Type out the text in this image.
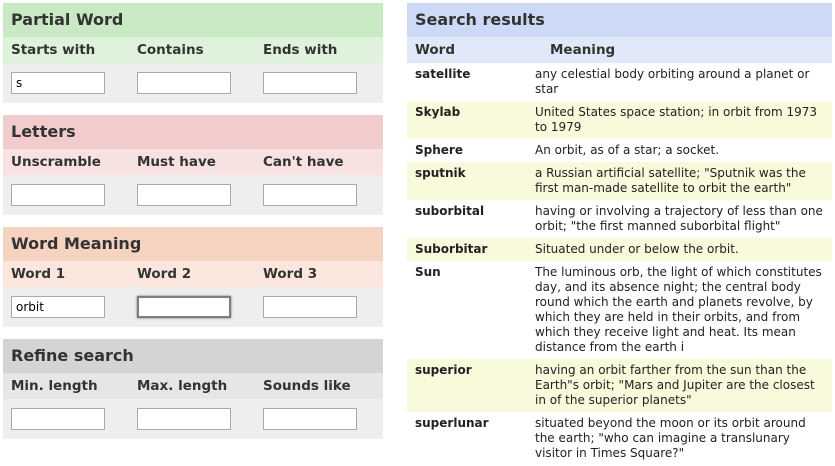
Partial Word
Starts with	Contains	Ends with
s
Letters
Unscramble	Must have	Can't have
Word Meaning
Word 1	Word 2	Word 3
orbit
Refine search
Min. length	Max. length	Sounds like
Search results
Word	Meaning
satellite	any celestial body orbiting around a planet or star
Skylab	United States space station; in orbit from 1973 to 1979
Sphere	An orbit, as of a star; a socket.
sputnik	a Russian artificial satellite; "Sputnik was the first man-made satellite to orbit the earth"
suborbital	having or involving a trajectory of less than one orbit; "the first manned suborbital flight"
Suborbitar	Situated under or below the orbit.
Sun	The luminous orb, the light of which constitutes day, and its absence night; the central body round which the earth and planets revolve, by which they are held in their orbits, and from which they receive light and heat. Its mean distance from the earth i
superior	having an orbit farther from the sun than the Earth"s orbit; "Mars and Jupiter are the closest in of the superior planets"
superlunar	situated beyond the moon or its orbit around the earth; "who can imagine a translunary visitor in Times Square?"
